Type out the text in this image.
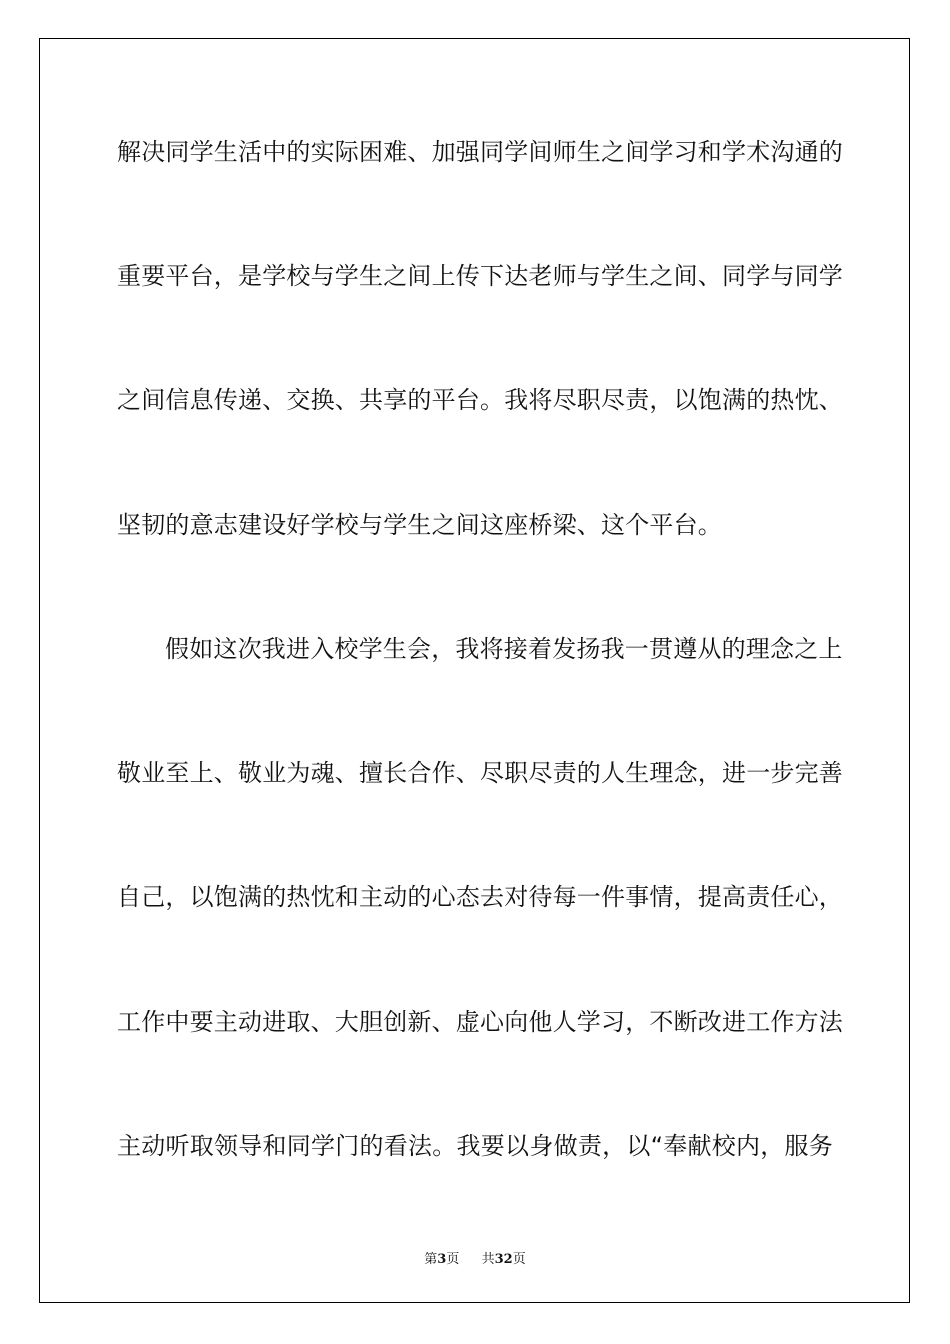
解决同学生活中的实际困难、加强同学间师生之间学习和学术沟通的
重要平台，是学校与学生之间上传下达老师与学生之间、同学与同学
之间信息传递、交换、共享的平台。我将尽职尽责，以饱满的热忱、
坚韧的意志建设好学校与学生之间这座桥梁、这个平台。
假如这次我进入校学生会，我将接着发扬我一贯遵从的理念之上
敬业至上、敬业为魂、擅长合作、尽职尽责的人生理念，进一步完善
自己，以饱满的热忱和主动的心态去对待每一件事情，提高责任心，
工作中要主动进取、大胆创新、虚心向他人学习，不断改进工作方法
主动听取领导和同学门的看法。我要以身做责，以“奉献校内，服务
第3页 共32页
